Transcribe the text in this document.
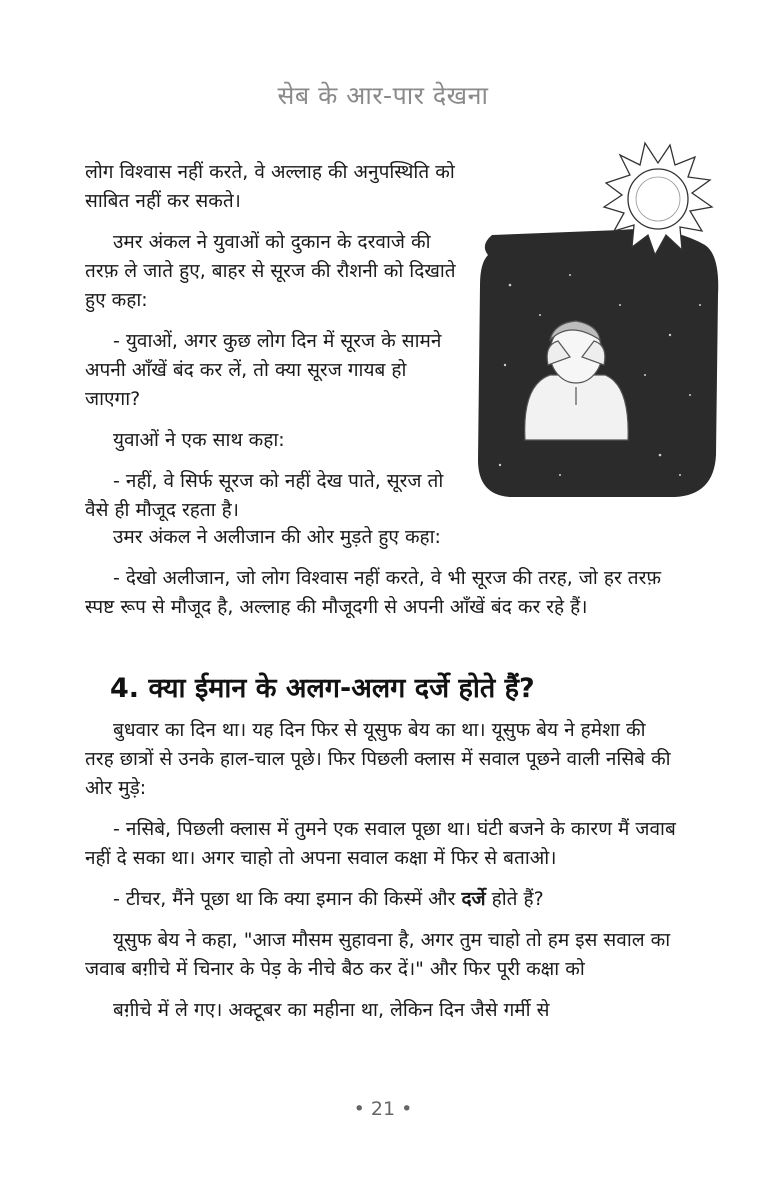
सेब के आर-पार देखना

लोग विश्वास नहीं करते, वे अल्लाह की अनुपस्थिति को साबित नहीं कर सकते।

उमर अंकल ने युवाओं को दुकान के दरवाजे की तरफ़ ले जाते हुए, बाहर से सूरज की रौशनी को दिखाते हुए कहा:

- युवाओं, अगर कुछ लोग दिन में सूरज के सामने अपनी आँखें बंद कर लें, तो क्या सूरज गायब हो जाएगा?

युवाओं ने एक साथ कहा:

- नहीं, वे सिर्फ सूरज को नहीं देख पाते, सूरज तो वैसे ही मौजूद रहता है।

उमर अंकल ने अलीजान की ओर मुड़ते हुए कहा:

- देखो अलीजान, जो लोग विश्वास नहीं करते, वे भी सूरज की तरह, जो हर तरफ़ स्पष्ट रूप से मौजूद है, अल्लाह की मौजूदगी से अपनी आँखें बंद कर रहे हैं।

4. क्या ईमान के अलग-अलग दर्जे होते हैं?

बुधवार का दिन था। यह दिन फिर से यूसुफ बेय का था। यूसुफ बेय ने हमेशा की तरह छात्रों से उनके हाल-चाल पूछे। फिर पिछली क्लास में सवाल पूछने वाली नसिबे की ओर मुड़े:

- नसिबे, पिछली क्लास में तुमने एक सवाल पूछा था। घंटी बजने के कारण मैं जवाब नहीं दे सका था। अगर चाहो तो अपना सवाल कक्षा में फिर से बताओ।

- टीचर, मैंने पूछा था कि क्या इमान की किस्में और दर्जे होते हैं?

यूसुफ बेय ने कहा, "आज मौसम सुहावना है, अगर तुम चाहो तो हम इस सवाल का जवाब बग़ीचे में चिनार के पेड़ के नीचे बैठ कर दें।" और फिर पूरी कक्षा को

बग़ीचे में ले गए। अक्टूबर का महीना था, लेकिन दिन जैसे गर्मी से

• 21 •
